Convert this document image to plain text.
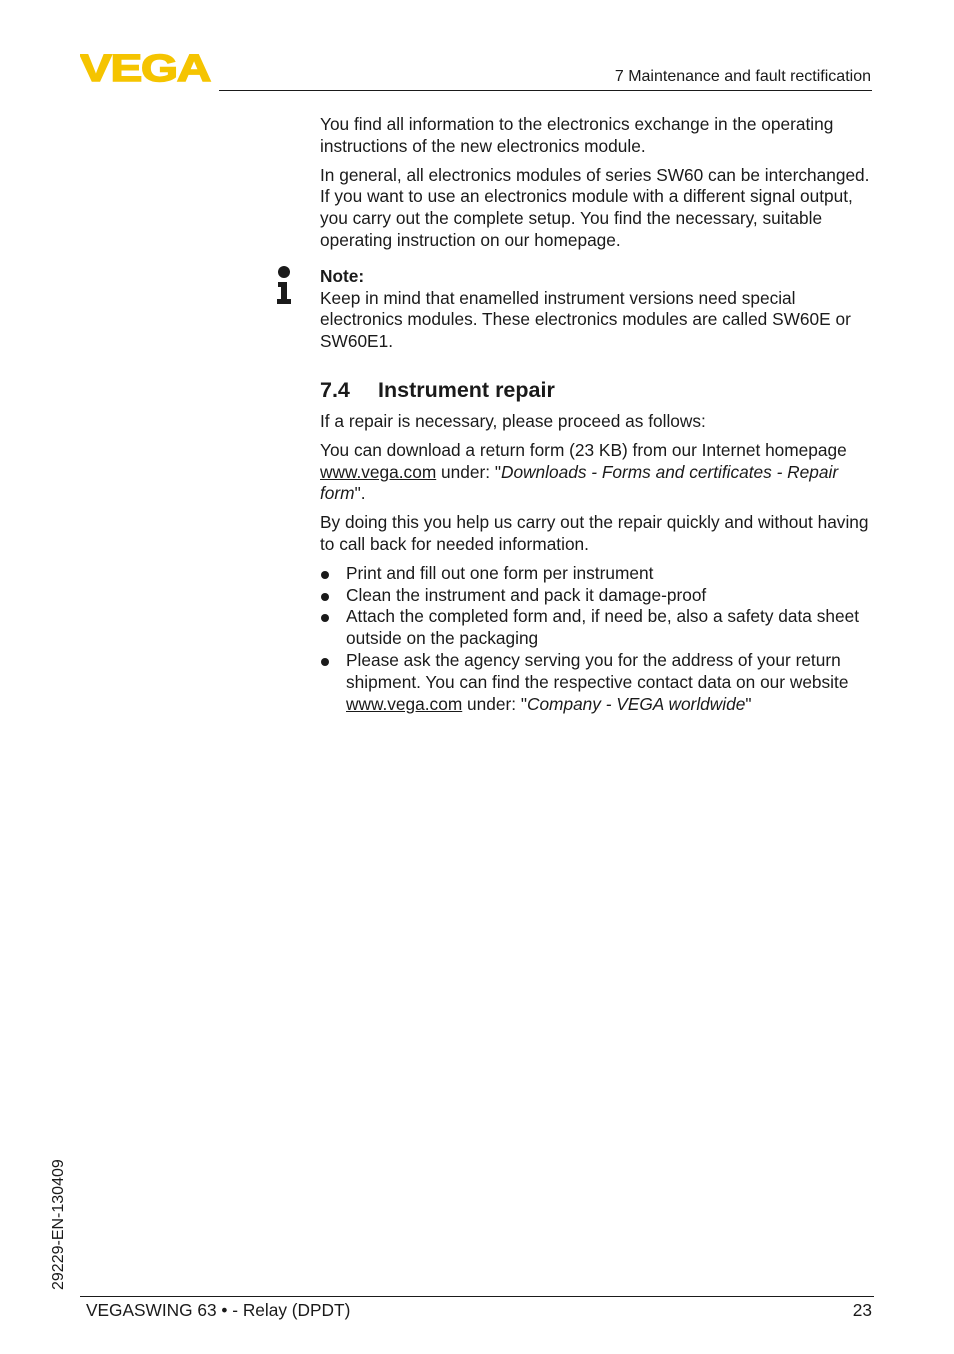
VEGA	7 Maintenance and fault rectification

You find all information to the electronics exchange in the operating instructions of the new electronics module.

In general, all electronics modules of series SW60 can be interchanged. If you want to use an electronics module with a different signal output, you carry out the complete setup. You find the necessary, suitable operating instruction on our homepage.

Note:
Keep in mind that enamelled instrument versions need special electronics modules. These electronics modules are called SW60E or SW60E1.
7.4 Instrument repair

If a repair is necessary, please proceed as follows:

You can download a return form (23 KB) from our Internet homepage www.vega.com under: "Downloads - Forms and certificates - Repair form".

By doing this you help us carry out the repair quickly and without having to call back for needed information.

Print and fill out one form per instrument
Clean the instrument and pack it damage-proof
Attach the completed form and, if need be, also a safety data sheet outside on the packaging
Please ask the agency serving you for the address of your return shipment. You can find the respective contact data on our website www.vega.com under: "Company - VEGA worldwide"
29229-EN-130409
VEGASWING 63 • - Relay (DPDT)	23
